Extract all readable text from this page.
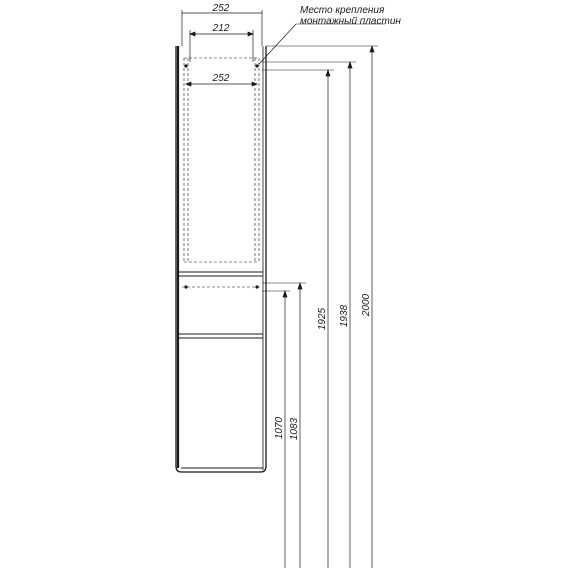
252
212
252
Место крепления
монтажный пластин
2000
1938
1925
1083
1070
